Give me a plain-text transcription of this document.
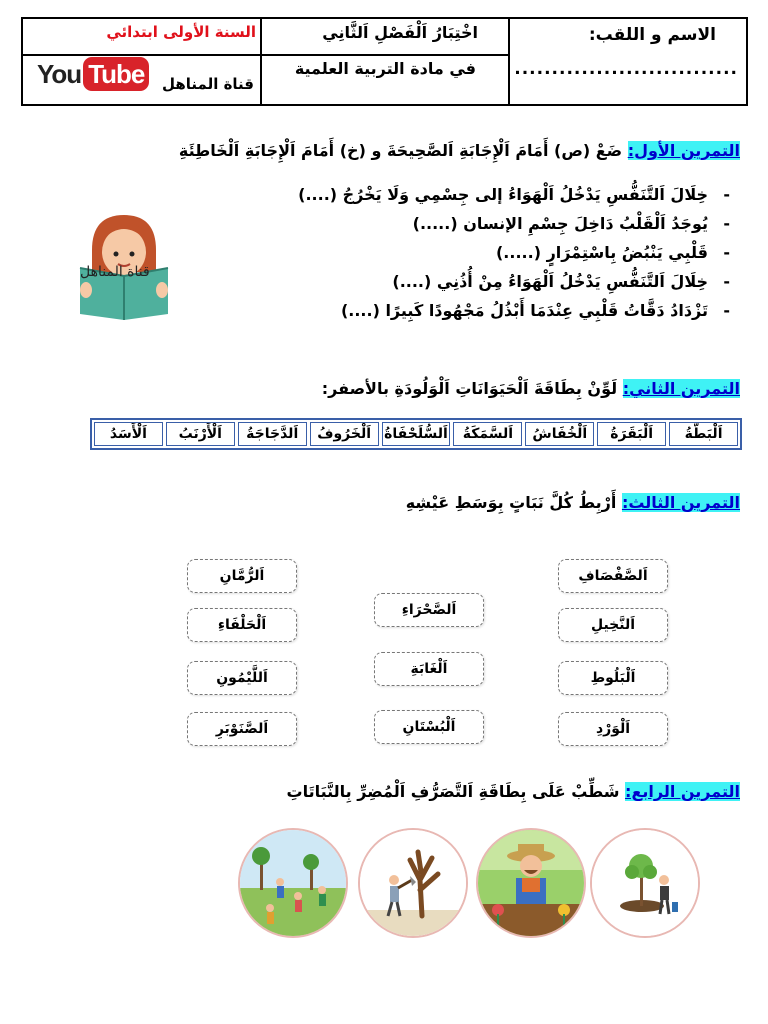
الاسم و اللقب:
..............................
اخْتِبَارُ اَلْفَصْلِ اَلثَّانِي
في مادة التربية العلمية
السنة الأولى ابتدائي
قناة المناهل
You Tube
التمرين الأول: ضَعْ (ص) أَمَامَ اَلْإِجَابَةِ اَلصَّحِيحَةَ و (خ) أَمَامَ اَلْإِجَابَةِ اَلْخَاطِئَةِ
- خِلَالَ اَلتَّنَفُّسِ يَدْخُلُ اَلْهَوَاءُ إلى جِسْمِي وَلَا يَخْرُجُ (....)
- يُوجَدُ اَلْقَلْبُ دَاخِلَ جِسْمِ الإنسان (.....)
- قَلْبِي يَنْبُضُ بِاسْتِمْرَارٍ (.....)
- خِلَالَ اَلتَّنَفُّسِ يَدْخُلُ اَلْهَوَاءُ مِنْ أُذُنِي (....)
- تَزْدَادُ دَقَّاتُ قَلْبِي عِنْدَمَا أَبْذُلُ مَجْهُودًا كَبِيرًا (....)
قناة المناهل
التمرين الثاني: لَوِّنْ بِطَاقَةَ اَلْحَيَوَانَاتِ اَلْوَلُودَةِ بالأصفر:
اَلْبَطَّةُ
اَلْبَقَرَةُ
اَلْخُفَاشُ
اَلسَّمَكَةُ
اَلسُّلَحْفَاةُ
اَلْخَرُوفُ
اَلدَّجَاجَةُ
اَلْأَرْنَبُ
اَلْأَسَدُ
التمرين الثالث: أَرْبِطُ كُلَّ نَبَاتٍ بِوَسَطِ عَيْشِهِ
اَلصَّفْصَافِ
اَلنَّخِيلِ
اَلْبَلُوطِ
اَلْوَرْدِ
اَلصَّحْرَاءِ
اَلْغَابَةِ
اَلْبُسْتَانِ
اَلرُّمَّانِ
اَلْحَلْفَاءِ
اَللَّيْمُونِ
اَلصَّنَوْبَرِ
التمرين الرابع: شَطِّبْ عَلَى بِطَاقَةِ اَلتَّصَرُّفِ اَلْمُضِرِّ بِالنَّبَاتَاتِ
